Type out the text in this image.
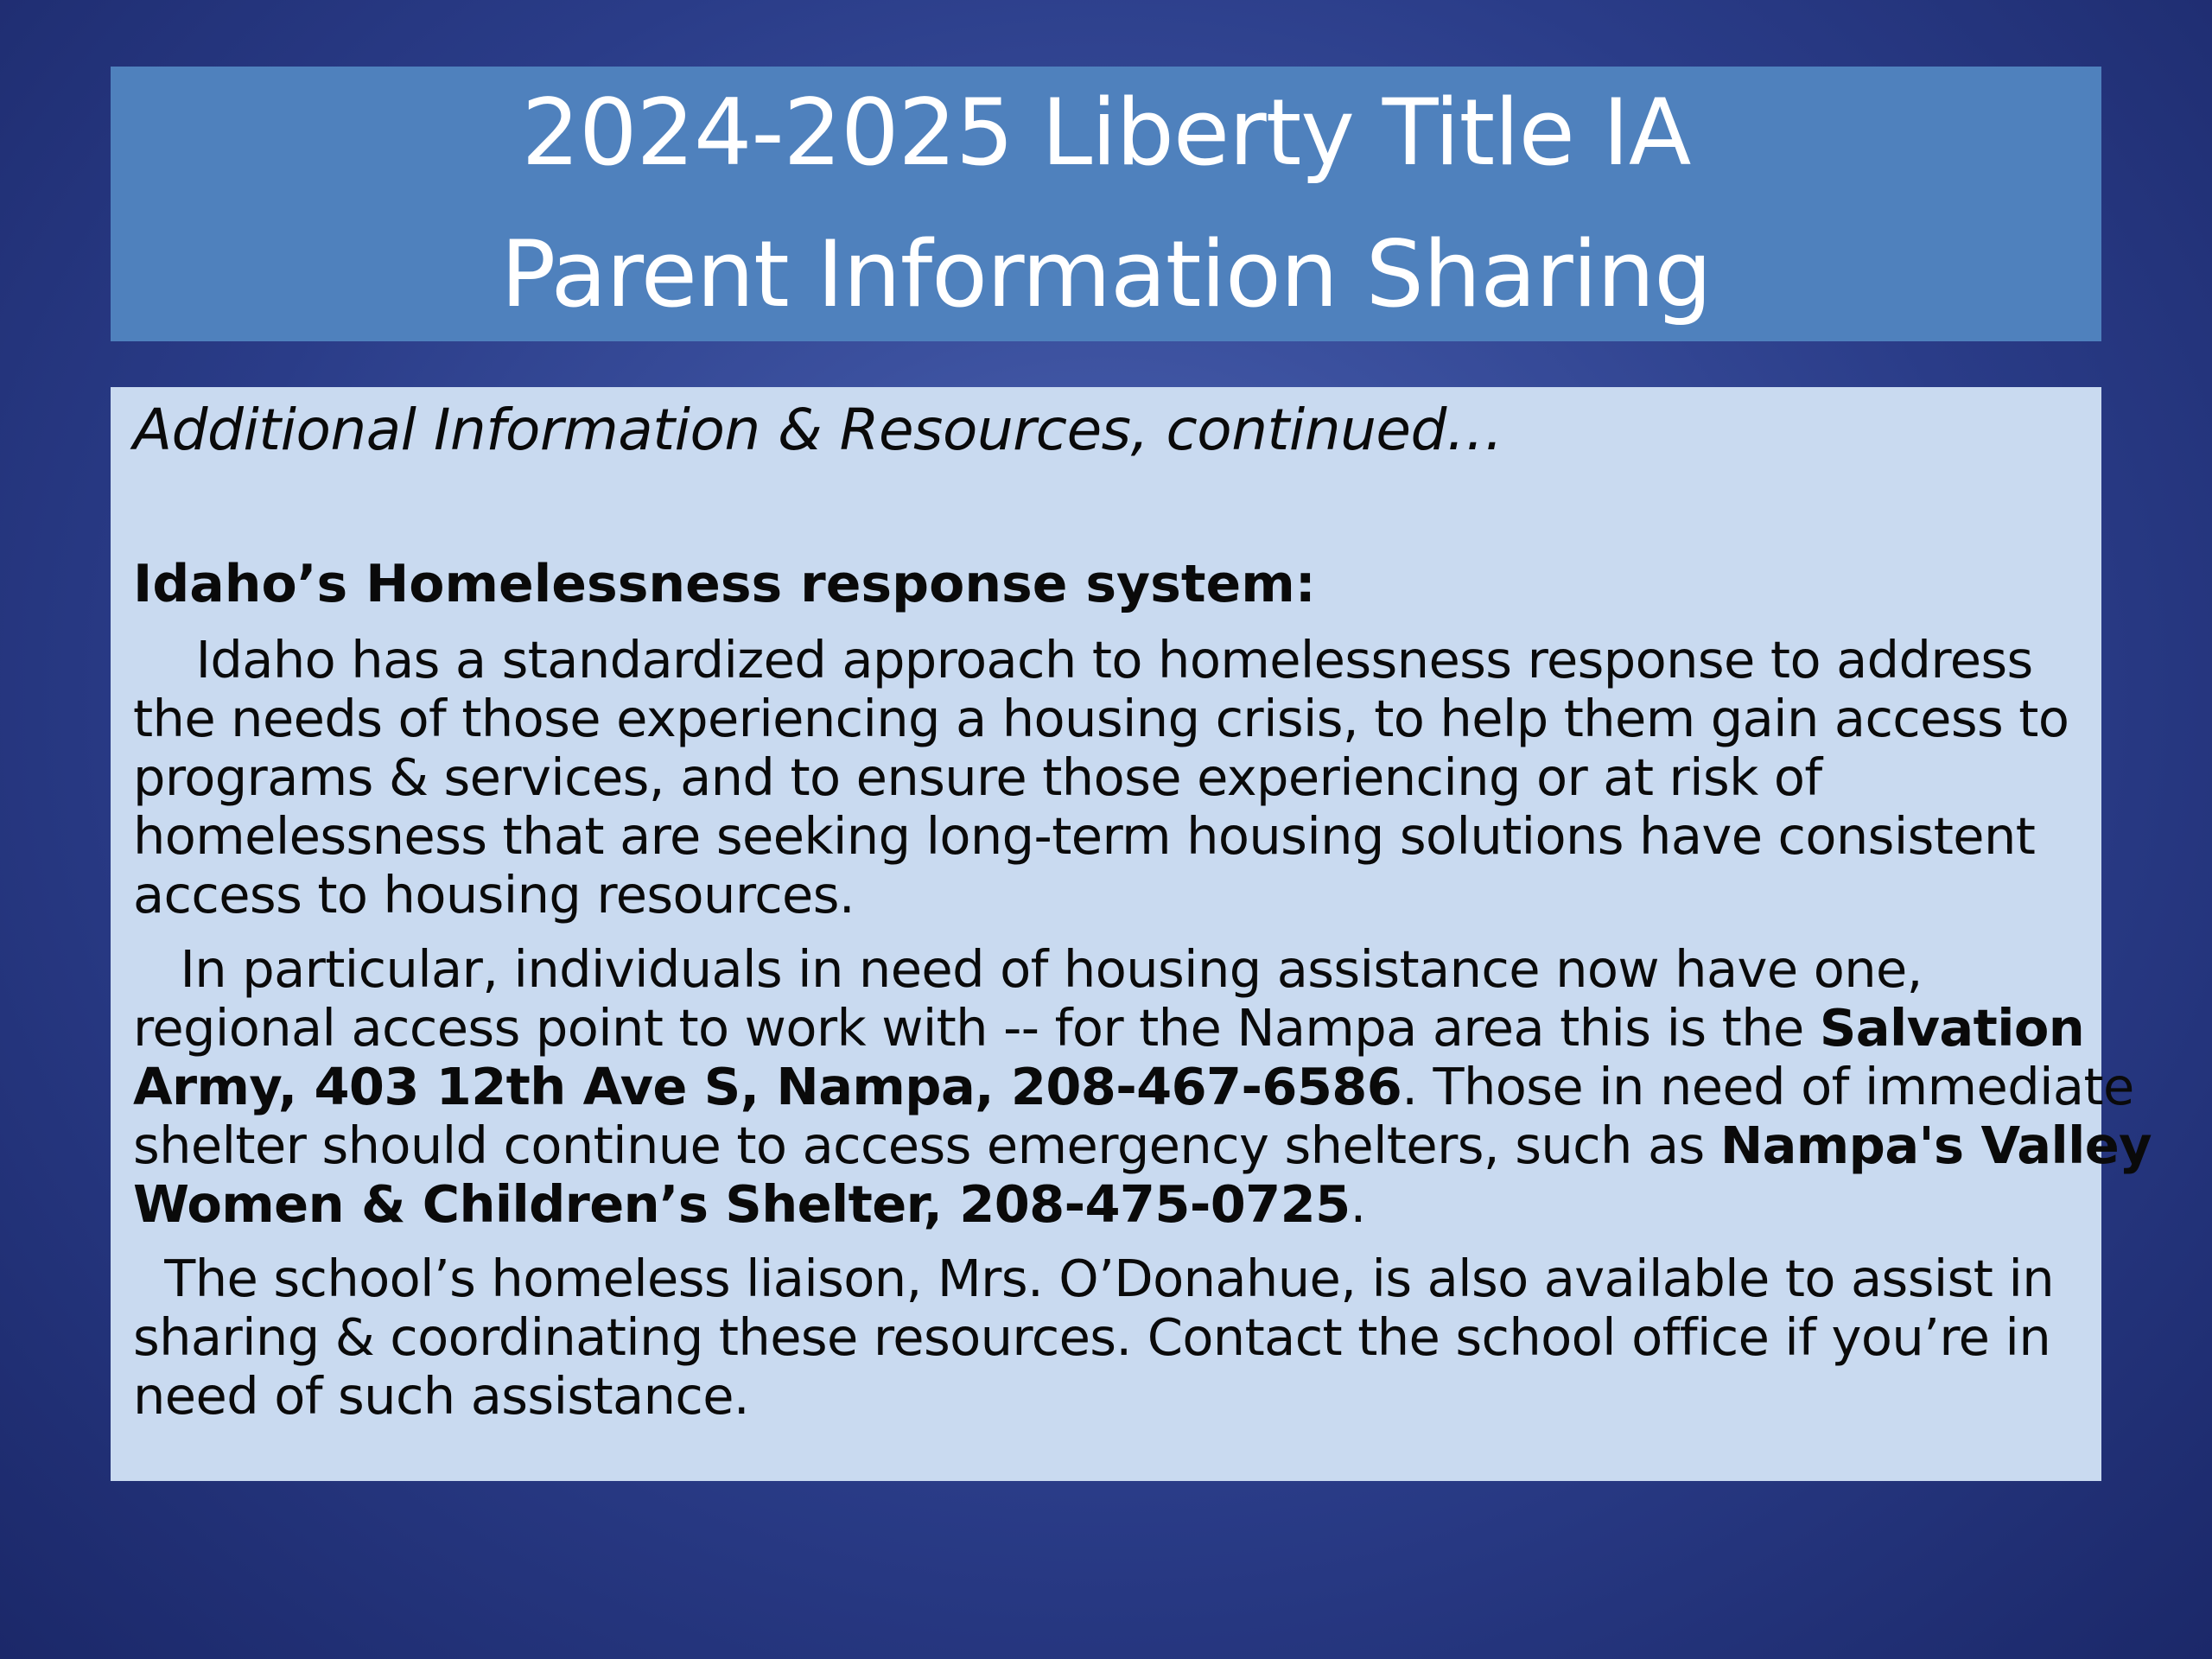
2024-2025 Liberty Title IA
Parent Information Sharing
Additional Information & Resources, continued…
Idaho’s Homelessness response system:
Idaho has a standardized approach to homelessness response to address
the needs of those experiencing a housing crisis, to help them gain access to
programs & services, and to ensure those experiencing or at risk of
homelessness that are seeking long-term housing solutions have consistent
access to housing resources.
In particular, individuals in need of housing assistance now have one,
regional access point to work with -- for the Nampa area this is the Salvation
Army, 403 12th Ave S, Nampa, 208-467-6586. Those in need of immediate
shelter should continue to access emergency shelters, such as Nampa's Valley
Women & Children’s Shelter, 208-475-0725.
The school’s homeless liaison, Mrs. O’Donahue, is also available to assist in
sharing & coordinating these resources. Contact the school office if you’re in
need of such assistance.
